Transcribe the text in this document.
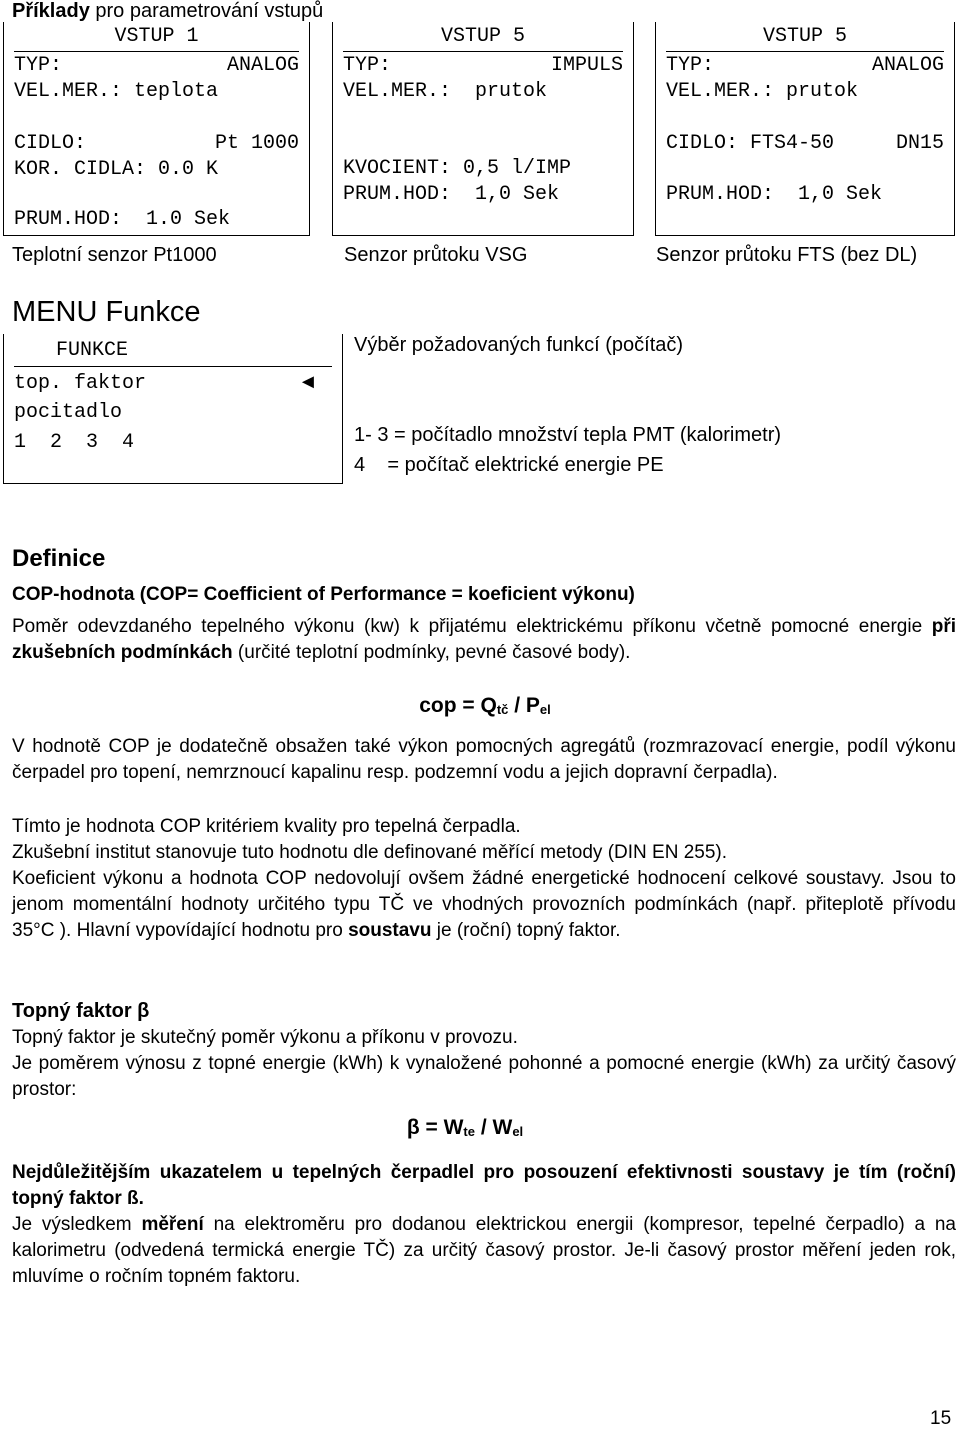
Příklady pro parametrování vstupů
VSTUP 1
TYP:	ANALOG
VEL.MER.: teplota
CIDLO:	Pt 1000
KOR. CIDLA: 0.0 K
PRUM.HOD:  1.0 Sek
Teplotní senzor Pt1000
VSTUP 5
TYP:	IMPULS
VEL.MER.:  prutok
KVOCIENT: 0,5 l/IMP
PRUM.HOD:  1,0 Sek
Senzor průtoku VSG
VSTUP 5
TYP:	ANALOG
VEL.MER.: prutok
CIDLO: FTS4-50	DN15
PRUM.HOD:  1,0 Sek
Senzor průtoku FTS (bez DL)
MENU Funkce
FUNKCE
top. faktor	◄
pocitadlo
1  2  3  4
Výběr požadovaných funkcí (počítač)
1- 3 = počítadlo množství tepla PMT (kalorimetr)
4    = počítač elektrické energie PE
Definice
COP-hodnota (COP= Coefficient of Performance = koeficient výkonu)
Poměr odevzdaného tepelného výkonu (kw) k přijatému elektrickému příkonu včetně pomocné energie při zkušebních podmínkách (určité teplotní podmínky, pevné časové body).
cop = $Q_{tč} / P_{el}$
V hodnotě COP je dodatečně obsažen také výkon pomocných agregátů (rozmrazovací energie, podíl výkonu čerpadel pro topení, nemrznoucí kapalinu resp. podzemní vodu a jejich dopravní čerpadla).
Tímto je hodnota COP kritériem kvality pro tepelná čerpadla.
Zkušební institut stanovuje tuto hodnotu dle definované měřící metody (DIN EN 255).
Koeficient výkonu a hodnota COP nedovolují ovšem žádné energetické hodnocení celkové soustavy. Jsou to jenom momentální hodnoty určitého typu TČ ve vhodných provozních podmínkách (např. přiteplotě přívodu 35°C ). Hlavní vypovídající hodnotu pro soustavu je (roční) topný faktor.
Topný faktor β
Topný faktor je skutečný poměr výkonu a příkonu v provozu.
Je poměrem výnosu z topné energie (kWh) k vynaložené pohonné a pomocné energie (kWh) za určitý časový prostor:
$\beta = W_{te} / W_{el}$
Nejdůležitějším ukazatelem u tepelných čerpadlel pro posouzení efektivnosti soustavy je tím (roční) topný faktor ß.
Je výsledkem měření na elektroměru pro dodanou elektrickou energii (kompresor, tepelné čerpadlo) a na kalorimetru (odvedená termická energie TČ) za určitý časový prostor. Je-li časový prostor měření jeden rok, mluvíme o ročním topném faktoru.
15
